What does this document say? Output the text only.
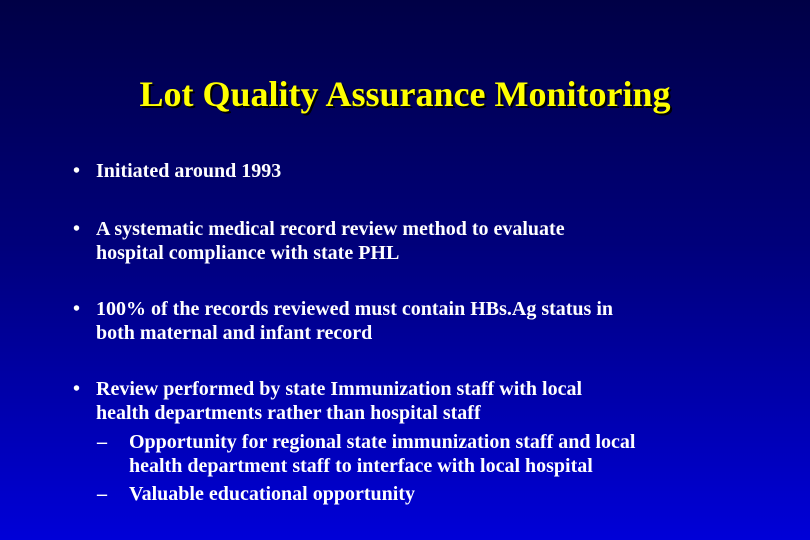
Lot Quality Assurance Monitoring
• Initiated around 1993
• A systematic medical record review method to evaluate
hospital compliance with state PHL
• 100% of the records reviewed must contain HBs.Ag status in
both maternal and infant record
• Review performed by state Immunization staff with local
health departments rather than hospital staff
–	Opportunity for regional state immunization staff and local
health department staff to interface with local hospital
–	Valuable educational opportunity
